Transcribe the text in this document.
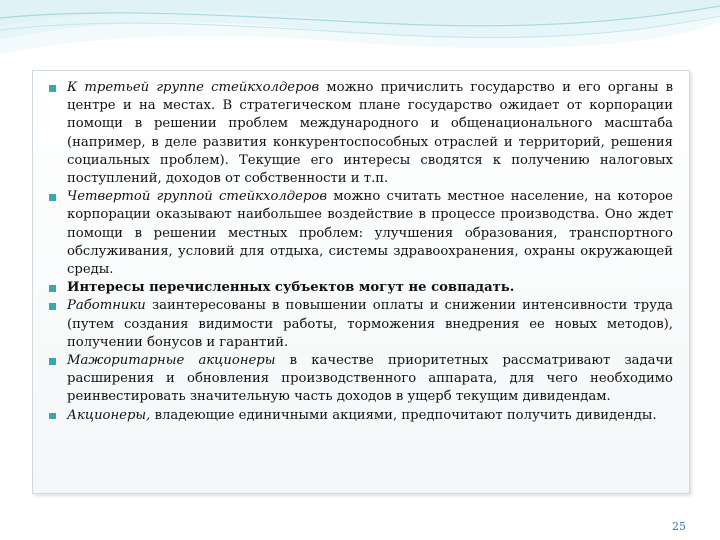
К третьей группе стейкхолдеров можно причислить государство и его органы в центре и на местах. В стратегическом плане государство ожидает от корпорации помощи в решении проблем международного и общенационального масштаба (например, в деле развития конкурентоспособных отраслей и территорий, решения социальных проблем). Текущие его интересы сводятся к получению налоговых поступлений, доходов от собственности и т.п.
Четвертой группой стейкхолдеров можно считать местное население, на которое корпорации оказывают наибольшее воздействие в процессе производства. Оно ждет помощи в решении местных проблем: улучшения образования, транспортного обслуживания, условий для отдыха, системы здравоохранения, охраны окружающей среды.
Интересы перечисленных субъектов могут не совпадать.
Работники заинтересованы в повышении оплаты и снижении интенсивности труда (путем создания видимости работы, торможения внедрения ее новых методов), получении бонусов и гарантий.
Мажоритарные акционеры в качестве приоритетных рассматривают задачи расширения и обновления производственного аппарата, для чего необходимо реинвестировать значительную часть доходов в ущерб текущим дивидендам.
Акционеры, владеющие единичными акциями, предпочитают получить дивиденды.
25
